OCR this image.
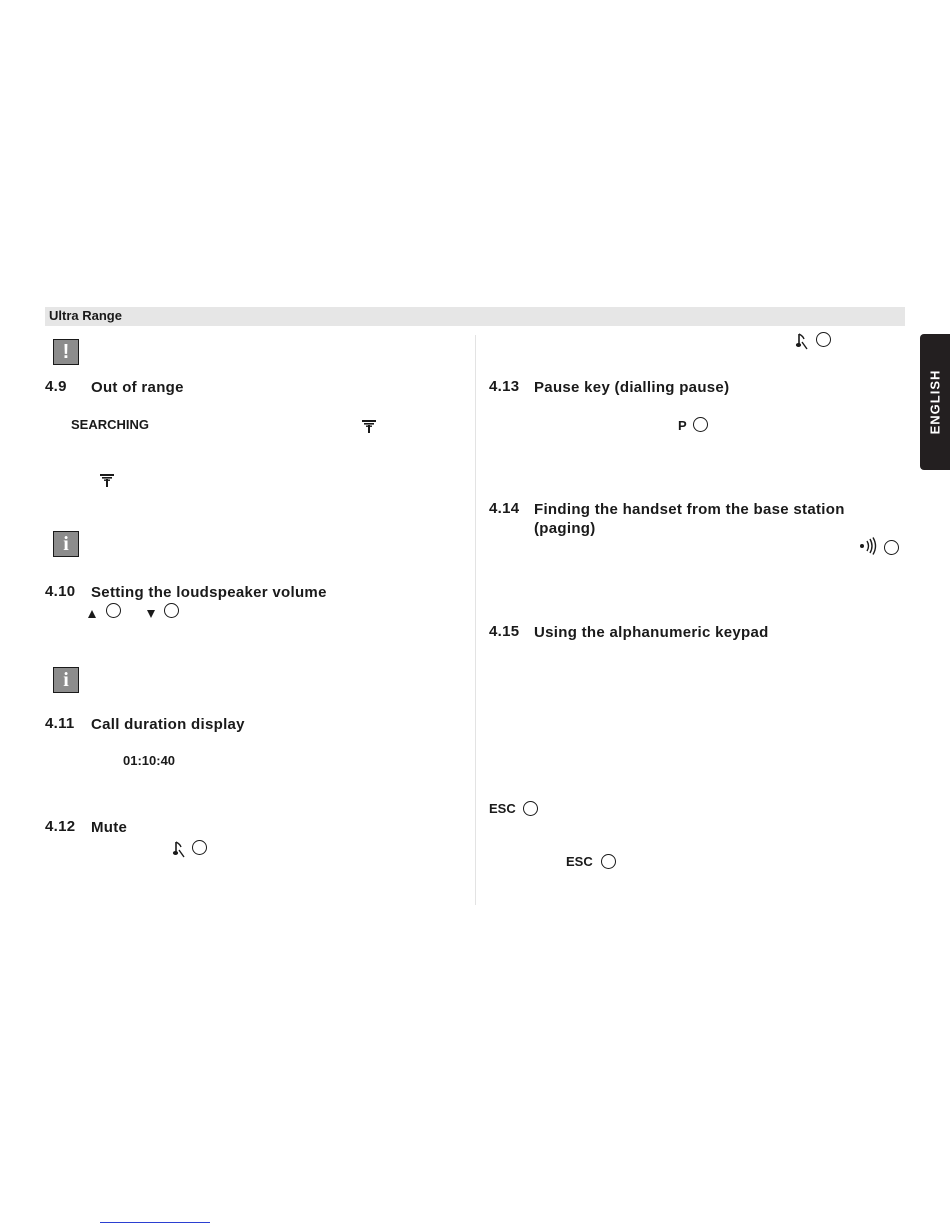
Ultra Range
ENGLISH
!
4.9 Out of range
SEARCHING
i
4.10 Setting the loudspeaker volume
i
4.11 Call duration display
01:10:40
4.12 Mute
4.13 Pause key (dialling pause)
P
4.14 Finding the handset from the base station
(paging)
4.15 Using the alphanumeric keypad
ESC
ESC
